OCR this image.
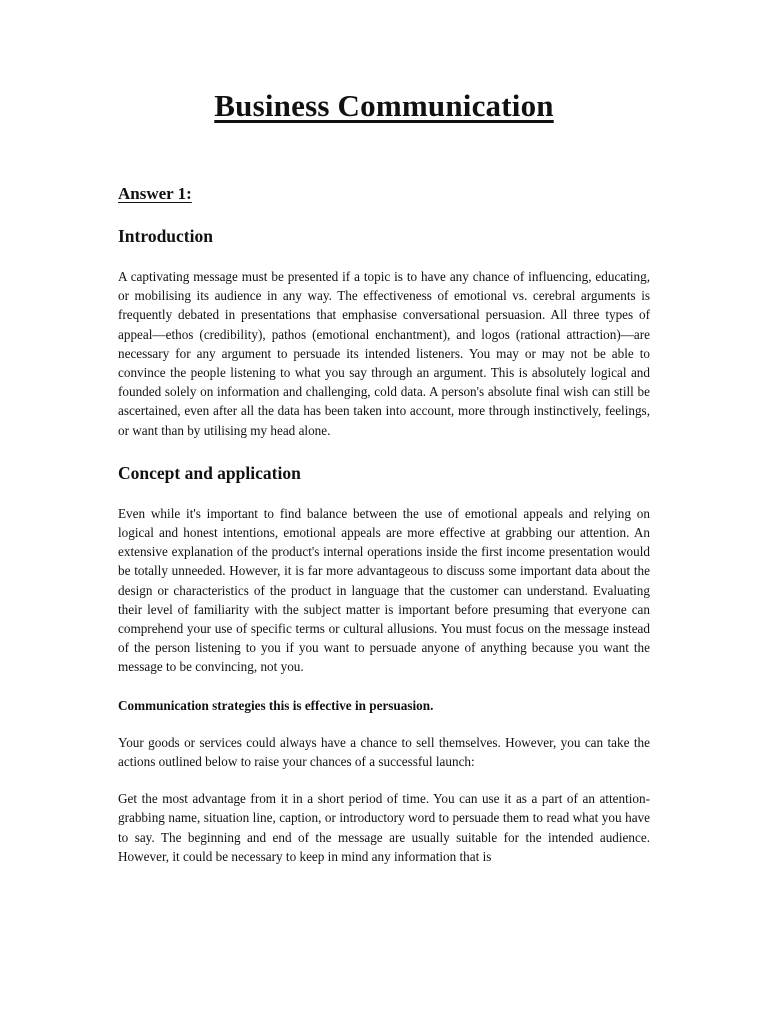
Business Communication
Answer 1:
Introduction

A captivating message must be presented if a topic is to have any chance of influencing, educating, or mobilising its audience in any way. The effectiveness of emotional vs. cerebral arguments is frequently debated in presentations that emphasise conversational persuasion. All three types of appeal—ethos (credibility), pathos (emotional enchantment), and logos (rational attraction)—are necessary for any argument to persuade its intended listeners. You may or may not be able to convince the people listening to what you say through an argument. This is absolutely logical and founded solely on information and challenging, cold data. A person's absolute final wish can still be ascertained, even after all the data has been taken into account, more through instinctively, feelings, or want than by utilising my head alone.

Concept and application

Even while it's important to find balance between the use of emotional appeals and relying on logical and honest intentions, emotional appeals are more effective at grabbing our attention. An extensive explanation of the product's internal operations inside the first income presentation would be totally unneeded. However, it is far more advantageous to discuss some important data about the design or characteristics of the product in language that the customer can understand. Evaluating their level of familiarity with the subject matter is important before presuming that everyone can comprehend your use of specific terms or cultural allusions. You must focus on the message instead of the person listening to you if you want to persuade anyone of anything because you want the message to be convincing, not you.

Communication strategies this is effective in persuasion.

Your goods or services could always have a chance to sell themselves. However, you can take the actions outlined below to raise your chances of a successful launch:

Get the most advantage from it in a short period of time. You can use it as a part of an attention-grabbing name, situation line, caption, or introductory word to persuade them to read what you have to say. The beginning and end of the message are usually suitable for the intended audience. However, it could be necessary to keep in mind any information that is
